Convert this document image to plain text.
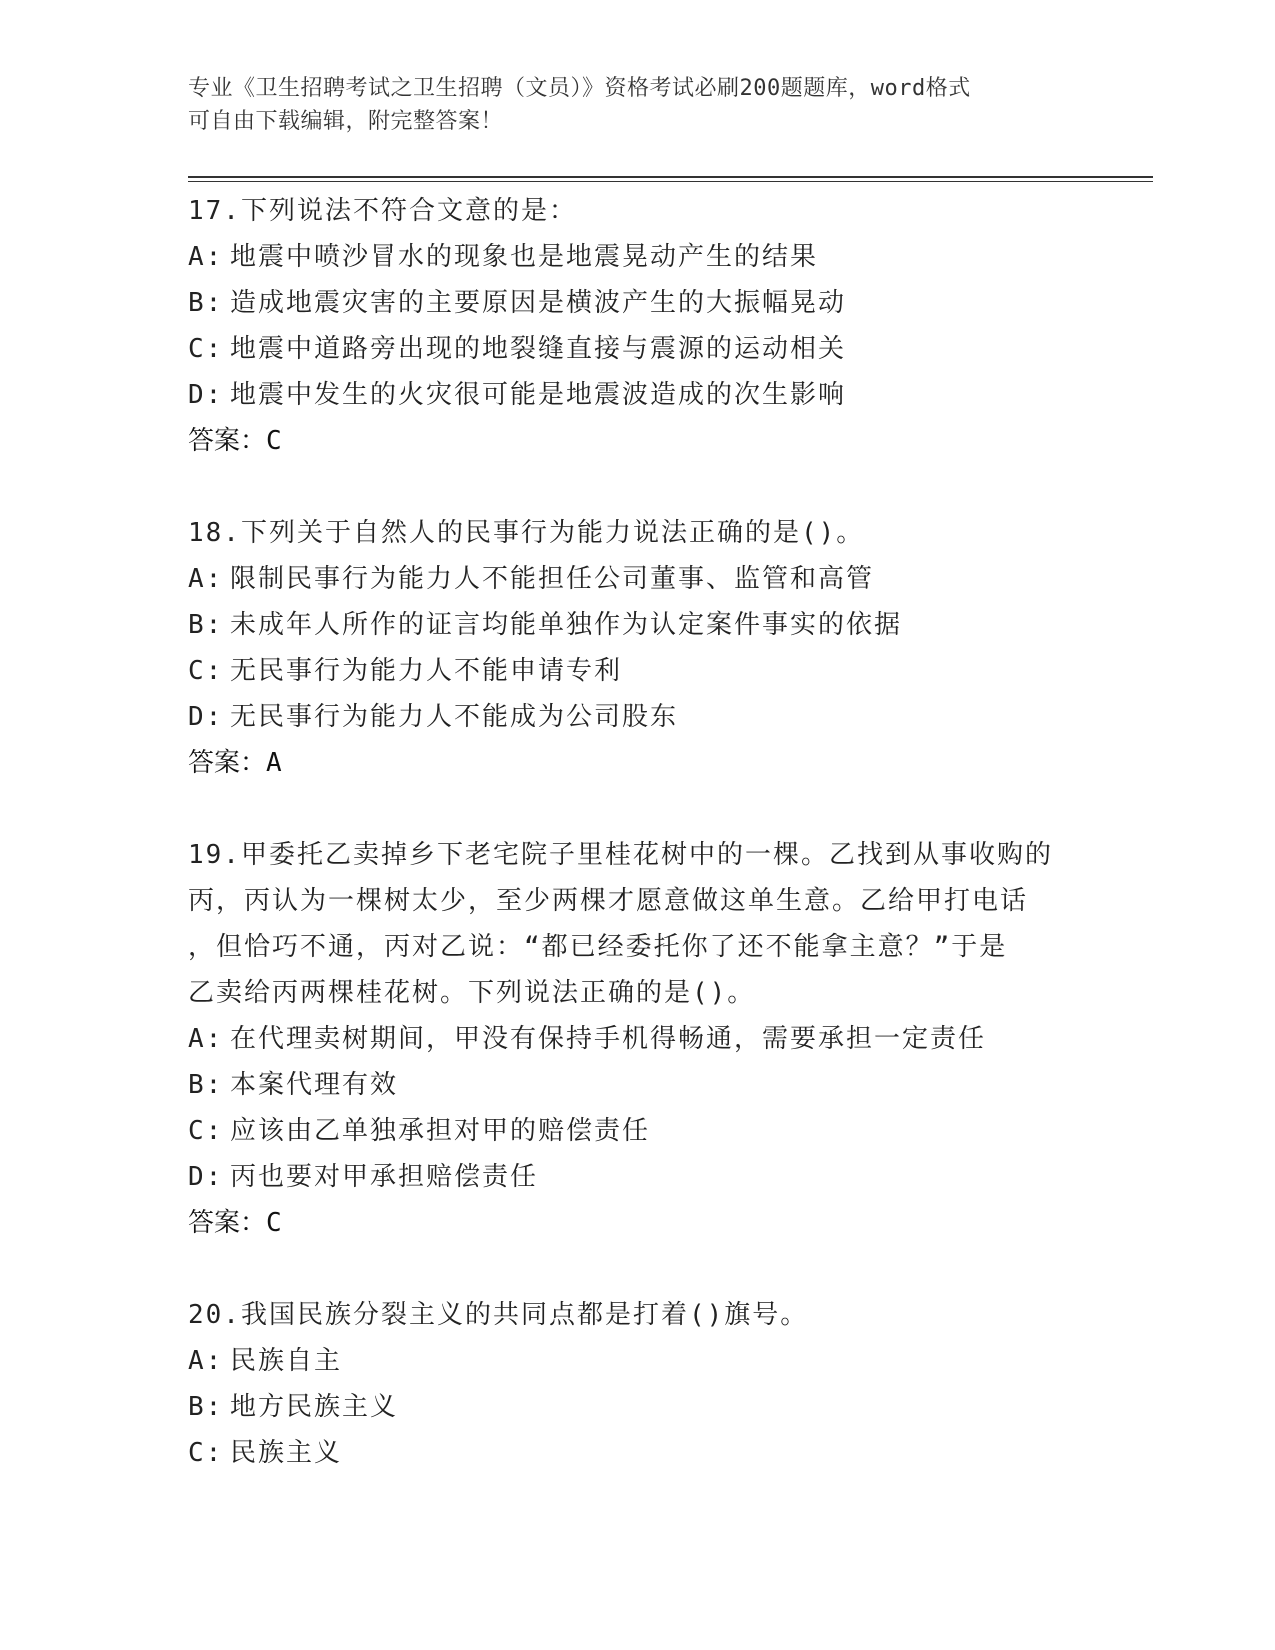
专业《卫生招聘考试之卫生招聘（文员）》资格考试必刷200题题库，word格式
可自由下载编辑，附完整答案！
17.下列说法不符合文意的是：
A: 地震中喷沙冒水的现象也是地震晃动产生的结果
B: 造成地震灾害的主要原因是横波产生的大振幅晃动
C: 地震中道路旁出现的地裂缝直接与震源的运动相关
D: 地震中发生的火灾很可能是地震波造成的次生影响
答案：C
18.下列关于自然人的民事行为能力说法正确的是()。
A: 限制民事行为能力人不能担任公司董事、监管和高管
B: 未成年人所作的证言均能单独作为认定案件事实的依据
C: 无民事行为能力人不能申请专利
D: 无民事行为能力人不能成为公司股东
答案：A
19.甲委托乙卖掉乡下老宅院子里桂花树中的一棵。乙找到从事收购的
丙，丙认为一棵树太少，至少两棵才愿意做这单生意。乙给甲打电话
，但恰巧不通，丙对乙说：“都已经委托你了还不能拿主意？”于是
乙卖给丙两棵桂花树。下列说法正确的是()。
A: 在代理卖树期间，甲没有保持手机得畅通，需要承担一定责任
B: 本案代理有效
C: 应该由乙单独承担对甲的赔偿责任
D: 丙也要对甲承担赔偿责任
答案：C
20.我国民族分裂主义的共同点都是打着()旗号。
A: 民族自主
B: 地方民族主义
C: 民族主义
